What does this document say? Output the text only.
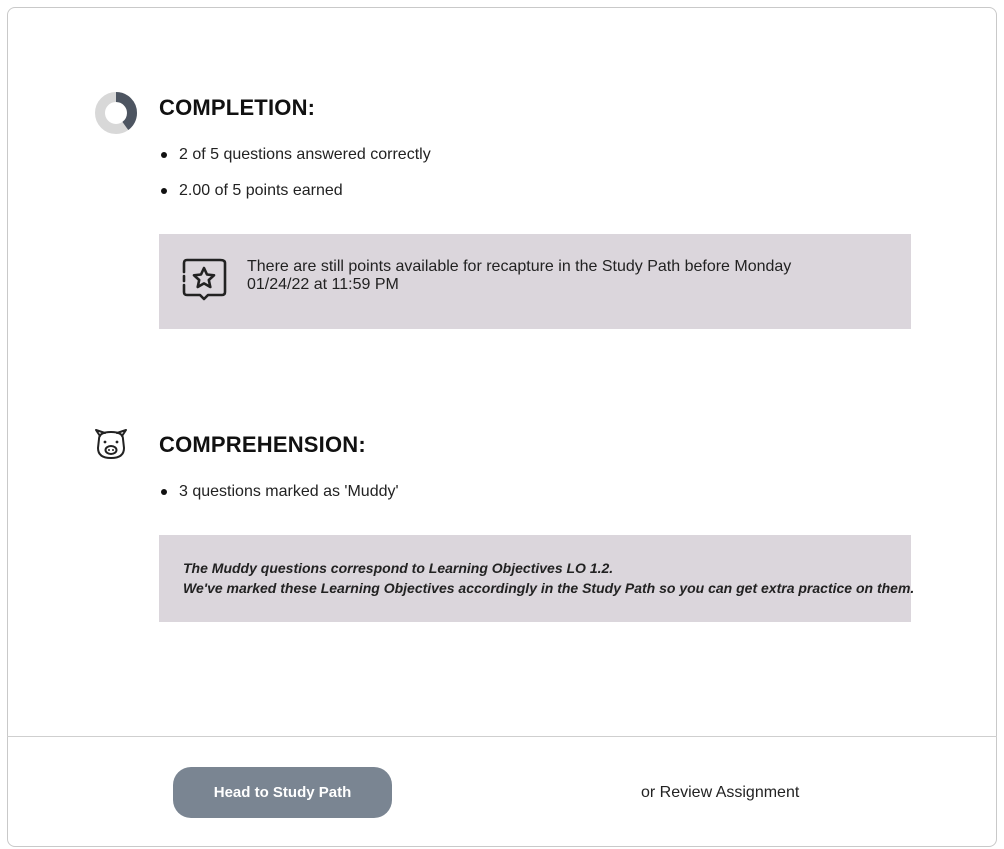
COMPLETION:
2 of 5 questions answered correctly
2.00 of 5 points earned
There are still points available for recapture in the Study Path before Monday
01/24/22 at 11:59 PM
COMPREHENSION:
3 questions marked as 'Muddy'
The Muddy questions correspond to Learning Objectives LO 1.2.
We've marked these Learning Objectives accordingly in the Study Path so you can get extra practice on them.
Head to Study Path	or Review Assignment
